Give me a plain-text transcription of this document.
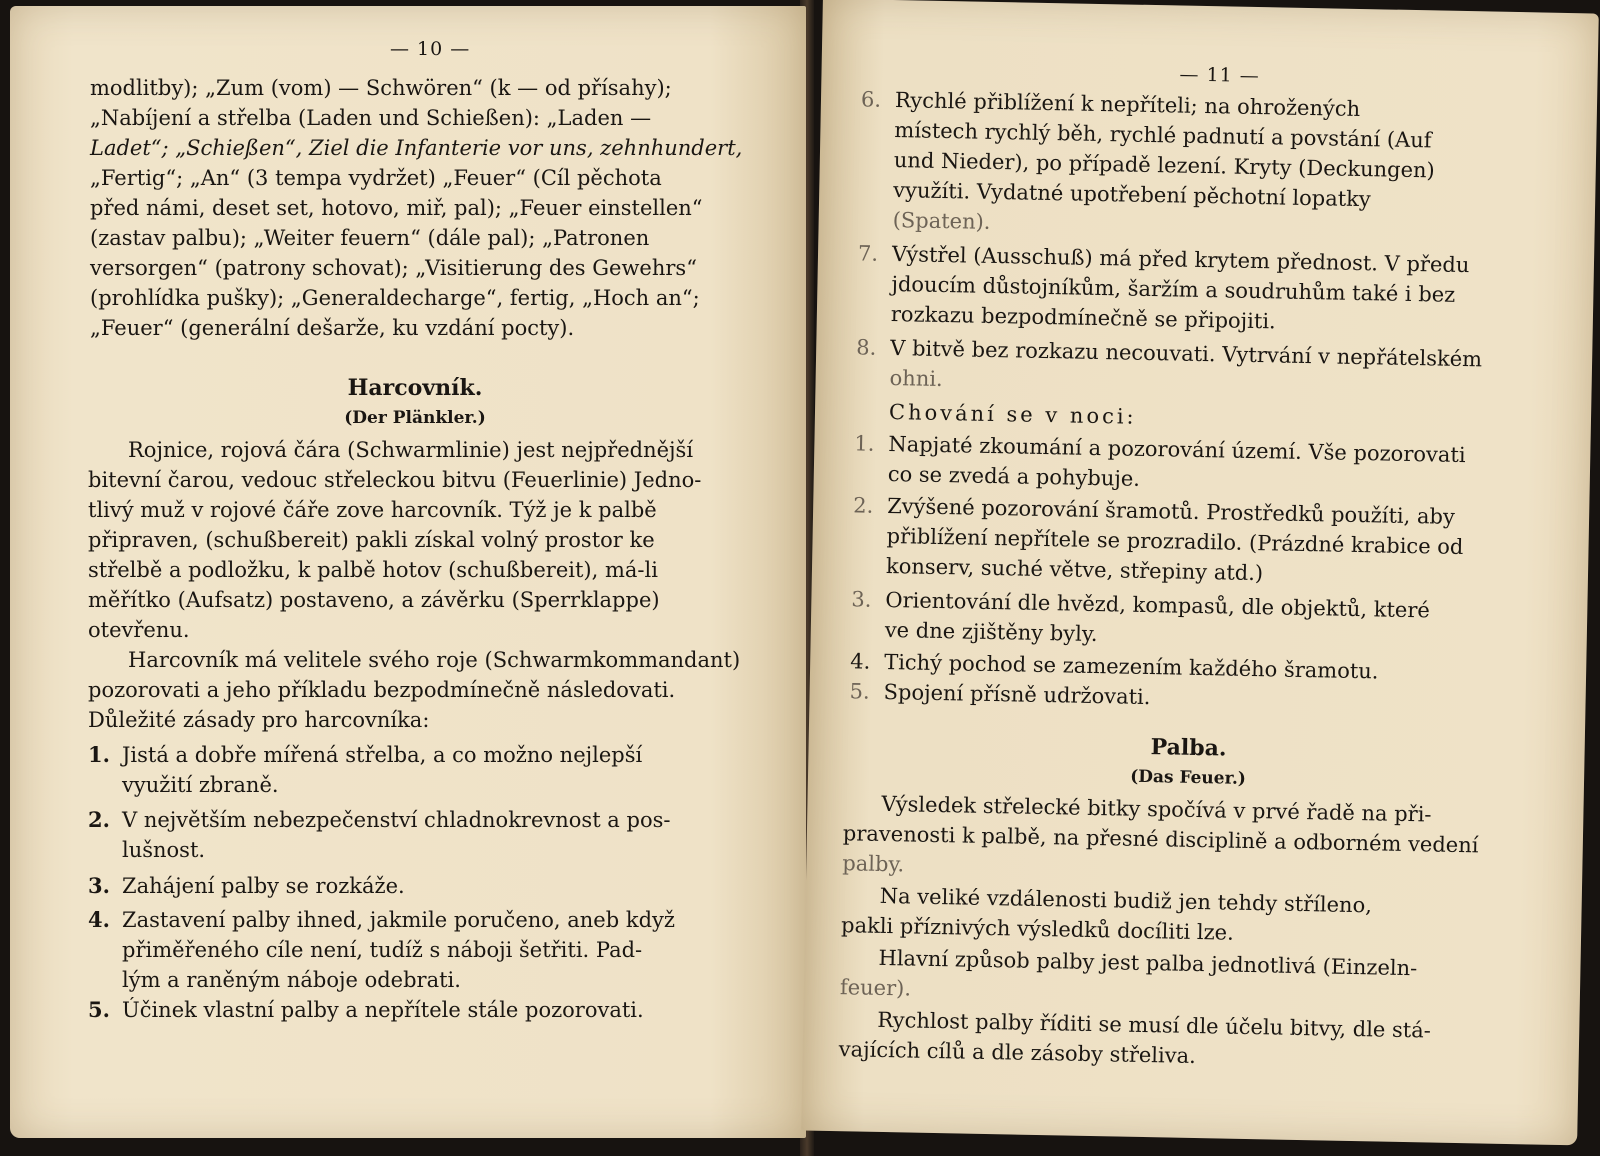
— 10 —
modlitby); „Zum (vom) — Schwören“ (k — od přísahy);
„Nabíjení a střelba (Laden und Schießen): „Laden —
Ladet“; „Schießen“, Ziel die Infanterie vor uns, zehnhundert,
„Fertig“; „An“ (3 tempa vydržet) „Feuer“ (Cíl pěchota
před námi, deset set, hotovo, miř, pal); „Feuer einstellen“
(zastav palbu); „Weiter feuern“ (dále pal); „Patronen
versorgen“ (patrony schovat); „Visitierung des Gewehrs“
(prohlídka pušky); „Generaldecharge“, fertig, „Hoch an“;
„Feuer“ (generální dešarže, ku vzdání pocty).
Harcovník.
(Der Plänkler.)
Rojnice, rojová čára (Schwarmlinie) jest nejpřednější
bitevní čarou, vedouc střeleckou bitvu (Feuerlinie) Jedno-
tlivý muž v rojové čáře zove harcovník. Týž je k palbě
připraven, (schußbereit) pakli získal volný prostor ke
střelbě a podložku, k palbě hotov (schußbereit), má-li
měřítko (Aufsatz) postaveno, a závěrku (Sperrklappe)
otevřenu.
Harcovník má velitele svého roje (Schwarmkommandant)
pozorovati a jeho příkladu bezpodmínečně následovati.
Důležité zásady pro harcovníka:
1. Jistá a dobře mířená střelba, a co možno nejlepší
využití zbraně.
2. V největším nebezpečenství chladnokrevnost a pos-
lušnost.
3. Zahájení palby se rozkáže.
4. Zastavení palby ihned, jakmile poručeno, aneb když
přiměřeného cíle není, tudíž s náboji šetřiti. Pad-
lým a raněným náboje odebrati.
5. Účinek vlastní palby a nepřítele stále pozorovati.
— 11 —
6. Rychlé přiblížení k nepříteli; na ohrožených
místech rychlý běh, rychlé padnutí a povstání (Auf
und Nieder), po případě lezení. Kryty (Deckungen)
využíti. Vydatné upotřebení pěchotní lopatky
(Spaten).
7. Výstřel (Ausschuß) má před krytem přednost. V předu
jdoucím důstojníkům, šaržím a soudruhům také i bez
rozkazu bezpodmínečně se připojiti.
8. V bitvě bez rozkazu necouvati. Vytrvání v nepřátelském
ohni.
Chování se v noci:
1. Napjaté zkoumání a pozorování území. Vše pozorovati
co se zvedá a pohybuje.
2. Zvýšené pozorování šramotů. Prostředků použíti, aby
přiblížení nepřítele se prozradilo. (Prázdné krabice od
konserv, suché větve, střepiny atd.)
3. Orientování dle hvězd, kompasů, dle objektů, které
ve dne zjištěny byly.
4. Tichý pochod se zamezením každého šramotu.
5. Spojení přísně udržovati.
Palba.
(Das Feuer.)
Výsledek střelecké bitky spočívá v prvé řadě na při-
pravenosti k palbě, na přesné disciplině a odborném vedení
palby.
Na veliké vzdálenosti budiž jen tehdy stříleno,
pakli příznivých výsledků docíliti lze.
Hlavní způsob palby jest palba jednotlivá (Einzeln-
feuer).
Rychlost palby říditi se musí dle účelu bitvy, dle stá-
vajících cílů a dle zásoby střeliva.
